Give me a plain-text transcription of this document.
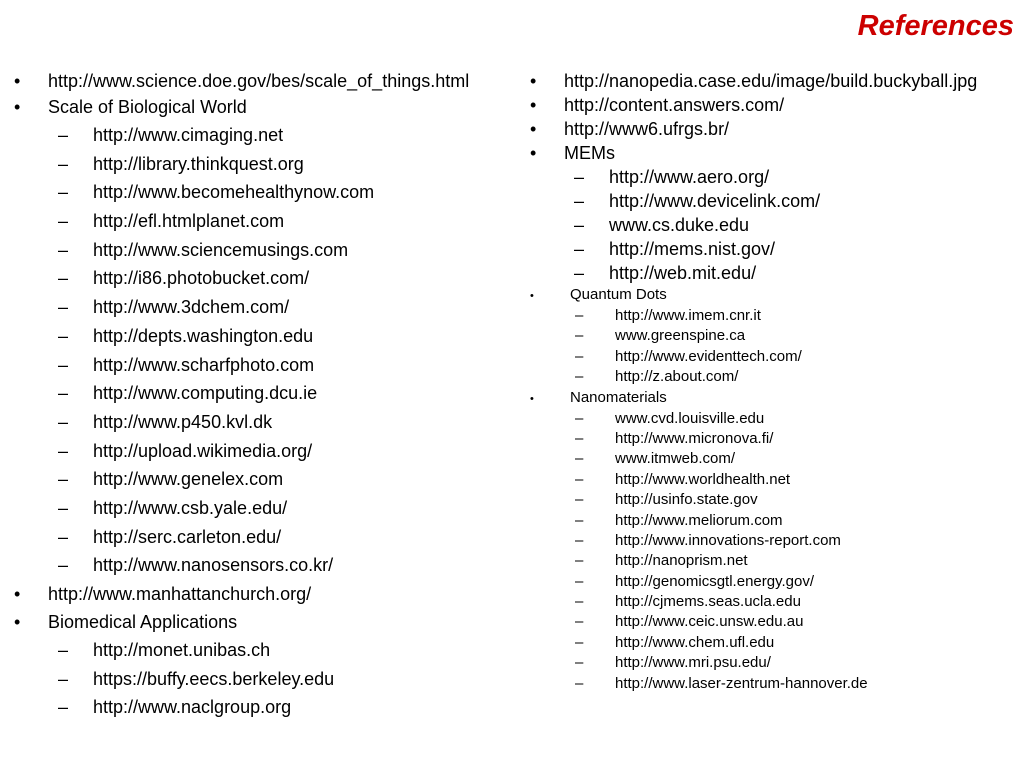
References
•	http://www.science.doe.gov/bes/scale_of_things.html
•	Scale of Biological World
–	http://www.cimaging.net
–	http://library.thinkquest.org
–	http://www.becomehealthynow.com
–	http://efl.htmlplanet.com
–	http://www.sciencemusings.com
–	http://i86.photobucket.com/
–	http://www.3dchem.com/
–	http://depts.washington.edu
–	http://www.scharfphoto.com
–	http://www.computing.dcu.ie
–	http://www.p450.kvl.dk
–	http://upload.wikimedia.org/
–	http://www.genelex.com
–	http://www.csb.yale.edu/
–	http://serc.carleton.edu/
–	http://www.nanosensors.co.kr/
•	http://www.manhattanchurch.org/
•	Biomedical Applications
–	http://monet.unibas.ch
–	https://buffy.eecs.berkeley.edu
–	http://www.naclgroup.org
•	http://nanopedia.case.edu/image/build.buckyball.jpg
•	http://content.answers.com/
•	http://www6.ufrgs.br/
•	MEMs
–	http://www.aero.org/
–	http://www.devicelink.com/
–	www.cs.duke.edu
–	http://mems.nist.gov/
–	http://web.mit.edu/
•	Quantum Dots
–	http://www.imem.cnr.it
–	www.greenspine.ca
–	http://www.evidenttech.com/
–	http://z.about.com/
•	Nanomaterials
–	www.cvd.louisville.edu
–	http://www.micronova.fi/
–	www.itmweb.com/
–	http://www.worldhealth.net
–	http://usinfo.state.gov
–	http://www.meliorum.com
–	http://www.innovations-report.com
–	http://nanoprism.net
–	http://genomicsgtl.energy.gov/
–	http://cjmems.seas.ucla.edu
–	http://www.ceic.unsw.edu.au
–	http://www.chem.ufl.edu
–	http://www.mri.psu.edu/
–	http://www.laser-zentrum-hannover.de
